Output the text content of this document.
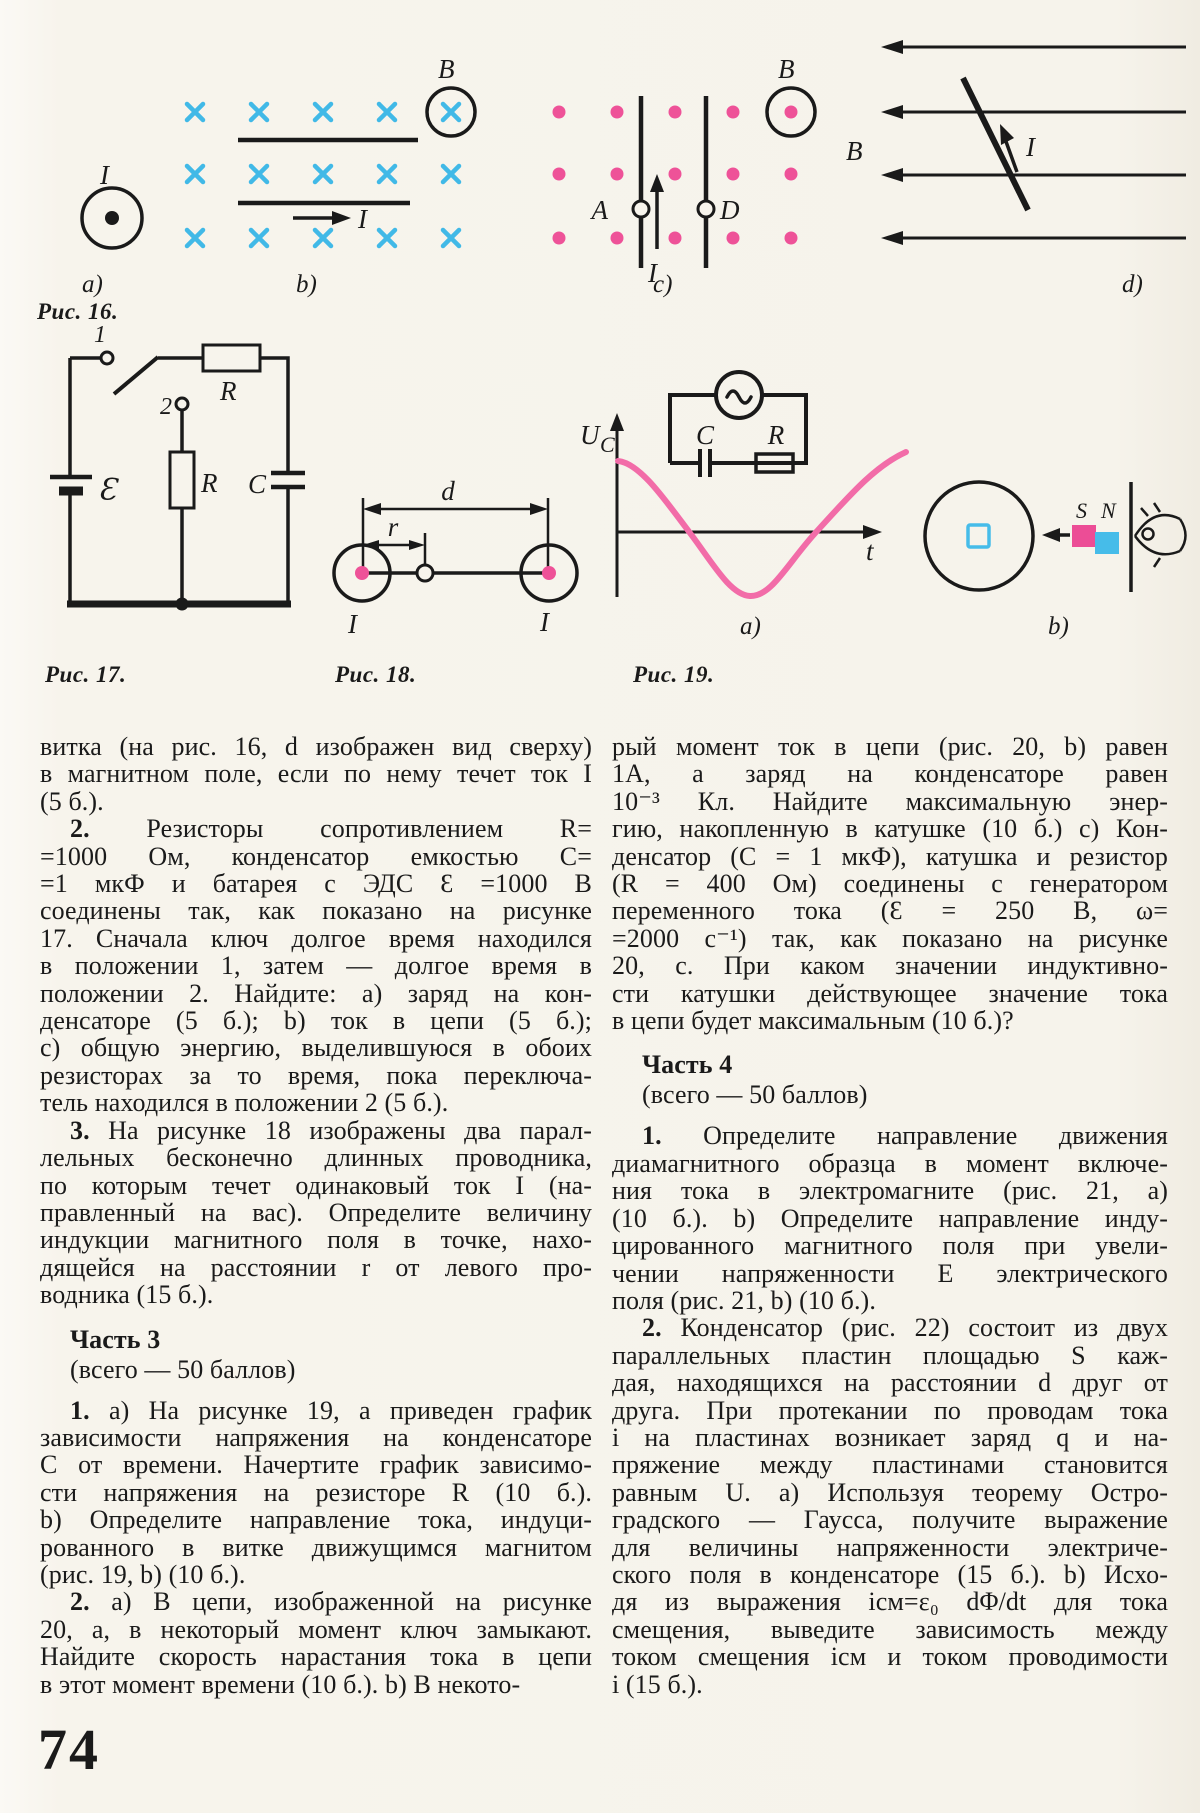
I
а)
B
I
b)
B
A	D
I
с)
B	I
d)
1
R
2
R
Ɛ	C	d
r
I	I
U C
t
C R
а)
S N
b)
Рис. 16.
Рис. 17.	Рис. 18.	Рис. 19.
витка (на рис. 16, d изображен вид сверху)
в магнитном поле, если по нему течет ток I
(5 б.).
2. Резисторы сопротивлением R=
=1000 Ом, конденсатор емкостью C=
=1 мкФ и батарея с ЭДС Ɛ =1000 В
соединены так, как показано на рисунке
17. Сначала ключ долгое время находился
в положении 1, затем — долгое время в
положении 2. Найдите: а) заряд на кон-
денсаторе (5 б.); b) ток в цепи (5 б.);
с) общую энергию, выделившуюся в обоих
резисторах за то время, пока переключа-
тель находился в положении 2 (5 б.).
3. На рисунке 18 изображены два парал-
лельных бесконечно длинных проводника,
по которым течет одинаковый ток I (на-
правленный на вас). Определите величину
индукции магнитного поля в точке, нахо-
дящейся на расстоянии r от левого про-
водника (15 б.).
Часть 3
(всего — 50 баллов)
1. а) На рисунке 19, а приведен график
зависимости напряжения на конденсаторе
C от времени. Начертите график зависимо-
сти напряжения на резисторе R (10 б.).
b) Определите направление тока, индуци-
рованного в витке движущимся магнитом
(рис. 19, b) (10 б.).
2. а) В цепи, изображенной на рисунке
20, а, в некоторый момент ключ замыкают.
Найдите скорость нарастания тока в цепи
в этот момент времени (10 б.). b) В некото-
рый момент ток в цепи (рис. 20, b) равен
1А, а заряд на конденсаторе равен
10⁻³ Кл. Найдите максимальную энер-
гию, накопленную в катушке (10 б.) c) Кон-
денсатор (C = 1 мкФ), катушка и резистор
(R = 400 Ом) соединены с генератором
переменного тока (Ɛ = 250 В, ω=
=2000 с⁻¹) так, как показано на рисунке
20, с. При каком значении индуктивно-
сти катушки действующее значение тока
в цепи будет максимальным (10 б.)?
Часть 4
(всего — 50 баллов)
1. Определите направление движения
диамагнитного образца в момент включе-
ния тока в электромагните (рис. 21, а)
(10 б.). b) Определите направление инду-
цированного магнитного поля при увели-
чении напряженности E электрического
поля (рис. 21, b) (10 б.).
2. Конденсатор (рис. 22) состоит из двух
параллельных пластин площадью S каж-
дая, находящихся на расстоянии d друг от
друга. При протекании по проводам тока
i на пластинах возникает заряд q и на-
пряжение между пластинами становится
равным U. а) Используя теорему Остро-
градского — Гаусса, получите выражение
для величины напряженности электриче-
ского поля в конденсаторе (15 б.). b) Исхо-
дя из выражения iсм=ε₀ dΦ/dt для тока
смещения, выведите зависимость между
током смещения iсм и током проводимости
i (15 б.).
74
